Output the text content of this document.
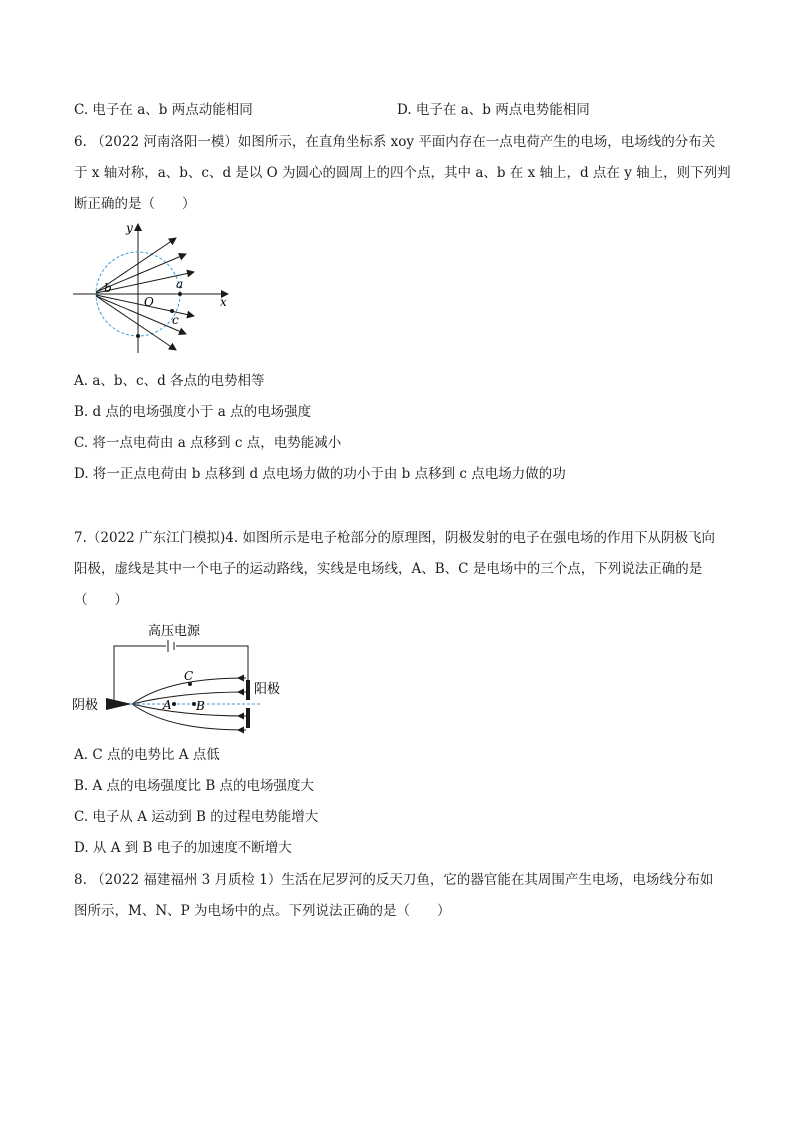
C. 电子在 a、b 两点动能相同	D. 电子在 a、b 两点电势能相同
6. （2022 河南洛阳一模）如图所示，在直角坐标系 xoy 平面内存在一点电荷产生的电场，电场线的分布关
于 x 轴对称，a、b、c、d 是以 O 为圆心的圆周上的四个点，其中 a、b 在 x 轴上，d 点在 y 轴上，则下列判
断正确的是（　　）
y
x
O
a
b
c
A. a、b、c、d 各点的电势相等
B. d 点的电场强度小于 a 点的电场强度
C. 将一点电荷由 a 点移到 c 点，电势能减小
D. 将一正点电荷由 b 点移到 d 点电场力做的功小于由 b 点移到 c 点电场力做的功
7.（2022 广东江门模拟)4. 如图所示是电子枪部分的原理图，阴极发射的电子在强电场的作用下从阴极飞向
阳极，虚线是其中一个电子的运动路线，实线是电场线，A、B、C 是电场中的三个点，下列说法正确的是
（　　）
高压电源
阴极
阳极
A B
C
A. C 点的电势比 A 点低
B. A 点的电场强度比 B 点的电场强度大
C. 电子从 A 运动到 B 的过程电势能增大
D. 从 A 到 B 电子的加速度不断增大
8. （2022 福建福州 3 月质检 1）生活在尼罗河的反天刀鱼，它的器官能在其周围产生电场，电场线分布如
图所示，M、N、P 为电场中的点。下列说法正确的是（　　）
